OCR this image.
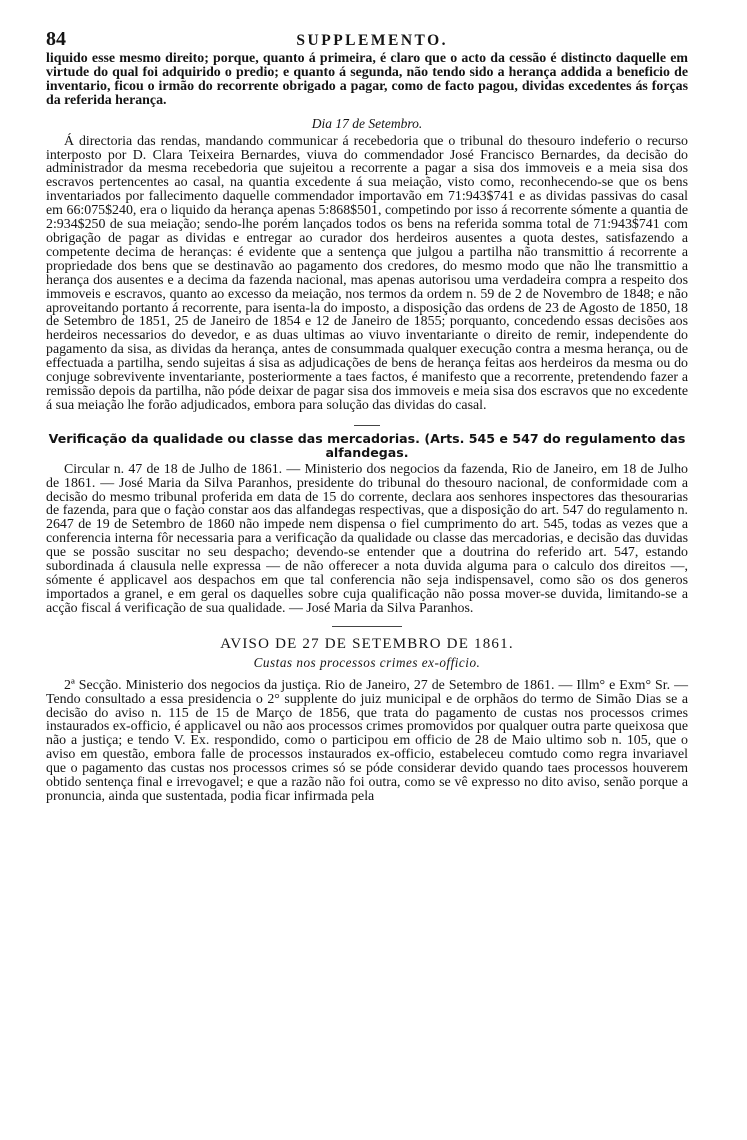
84	SUPPLEMENTO.

liquido esse mesmo direito; porque, quanto á primeira, é claro que o acto da cessão é distincto daquelle em virtude do qual foi adquirido o predio; e quanto á segunda, não tendo sido a herança addida a beneficio de inventario, ficou o irmão do recorrente obrigado a pagar, como de facto pagou, dividas excedentes ás forças da referida herança.

Dia 17 de Setembro.

Á directoria das rendas, mandando communicar á recebedoria que o tribunal do thesouro indeferio o recurso interposto por D. Clara Teixeira Bernardes, viuva do commendador José Francisco Bernardes, da decisão do administrador da mesma recebedoria que sujeitou a recorrente a pagar a sisa dos immoveis e a meia sisa dos escravos pertencentes ao casal, na quantia excedente á sua meiação, visto como, reconhecendo-se que os bens inventariados por fallecimento daquelle commendador importavão em 71:943$741 e as dividas passivas do casal em 66:075$240, era o liquido da herança apenas 5:868$501, competindo por isso á recorrente sómente a quantia de 2:934$250 de sua meiação; sendo-lhe porém lançados todos os bens na referida somma total de 71:943$741 com obrigação de pagar as dividas e entregar ao curador dos herdeiros ausentes a quota destes, satisfazendo a competente decima de heranças: é evidente que a sentença que julgou a partilha não transmittio á recorrente a propriedade dos bens que se destinavão ao pagamento dos credores, do mesmo modo que não lhe transmittio a herança dos ausentes e a decima da fazenda nacional, mas apenas autorisou uma verdadeira compra a respeito dos immoveis e escravos, quanto ao excesso da meiação, nos termos da ordem n. 59 de 2 de Novembro de 1848; e não aproveitando portanto á recorrente, para isenta-la do imposto, a disposição das ordens de 23 de Agosto de 1850, 18 de Setembro de 1851, 25 de Janeiro de 1854 e 12 de Janeiro de 1855; porquanto, concedendo essas decisões aos herdeiros necessarios do devedor, e as duas ultimas ao viuvo inventariante o direito de remir, independente do pagamento da sisa, as dividas da herança, antes de consummada qualquer execução contra a mesma herança, ou de effectuada a partilha, sendo sujeitas á sisa as adjudicações de bens de herança feitas aos herdeiros da mesma ou do conjuge sobrevivente inventariante, posteriormente a taes factos, é manifesto que a recorrente, pretendendo fazer a remissão depois da partilha, não póde deixar de pagar sisa dos immoveis e meia sisa dos escravos que no excedente á sua meiação lhe forão adjudicados, embora para solução das dividas do casal.

Verificação da qualidade ou classe das mercadorias. (Arts. 545 e 547 do regulamento das alfandegas.

Circular n. 47 de 18 de Julho de 1861. — Ministerio dos negocios da fazenda, Rio de Janeiro, em 18 de Julho de 1861. — José Maria da Silva Paranhos, presidente do tribunal do thesouro nacional, de conformidade com a decisão do mesmo tribunal proferida em data de 15 do corrente, declara aos senhores inspectores das thesourarias de fazenda, para que o façào constar aos das alfandegas respectivas, que a disposição do art. 547 do regulamento n. 2647 de 19 de Setembro de 1860 não impede nem dispensa o fiel cumprimento do art. 545, todas as vezes que a conferencia interna fôr necessaria para a verificação da qualidade ou classe das mercadorias, e decisão das duvidas que se possão suscitar no seu despacho; devendo-se entender que a doutrina do referido art. 547, estando subordinada á clausula nelle expressa — de não offerecer a nota duvida alguma para o calculo dos direitos —, sómente é applicavel aos despachos em que tal conferencia não seja indispensavel, como são os dos generos importados a granel, e em geral os daquelles sobre cuja qualificação não possa mover-se duvida, limitando-se a acção fiscal á verificação de sua qualidade. — José Maria da Silva Paranhos.

AVISO DE 27 DE SETEMBRO DE 1861.

Custas nos processos crimes ex-officio.

2ª Secção. Ministerio dos negocios da justiça. Rio de Janeiro, 27 de Setembro de 1861. — Illm° e Exm° Sr. — Tendo consultado a essa presidencia o 2° supplente do juiz municipal e de orphãos do termo de Simão Dias se a decisão do aviso n. 115 de 15 de Março de 1856, que trata do pagamento de custas nos processos crimes instaurados ex-officio, é applicavel ou não aos processos crimes promovidos por qualquer outra parte queixosa que não a justiça; e tendo V. Ex. respondido, como o participou em officio de 28 de Maio ultimo sob n. 105, que o aviso em questão, embora falle de processos instaurados ex-officio, estabeleceu comtudo como regra invariavel que o pagamento das custas nos processos crimes só se póde considerar devido quando taes processos houverem obtido sentença final e irrevogavel; e que a razão não foi outra, como se vê expresso no dito aviso, senão porque a pronuncia, ainda que sustentada, podia ficar infirmada pela
